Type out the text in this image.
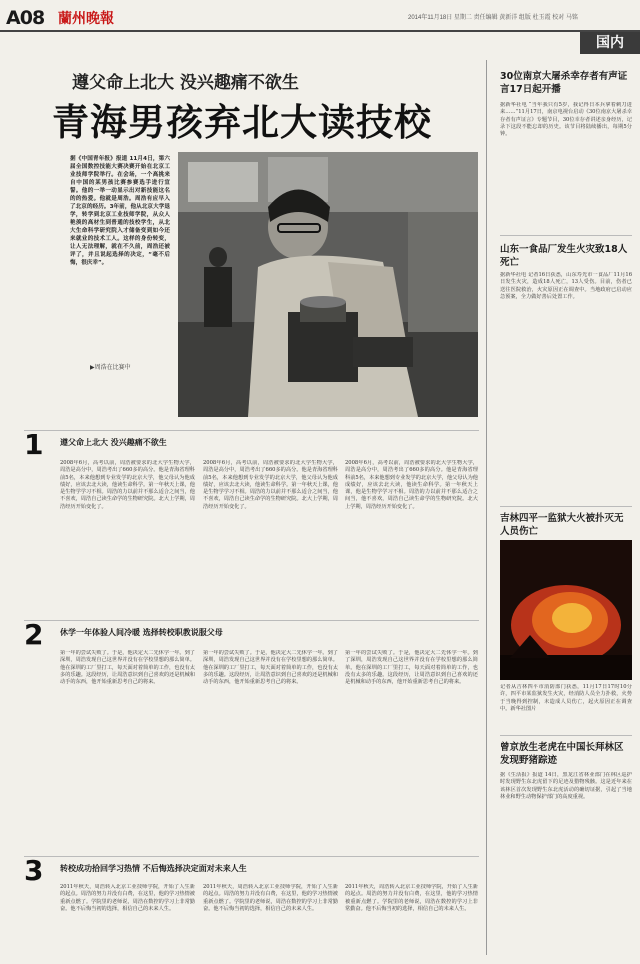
A08 蘭州晚報	2014年11月18日 星期二 责任编辑 黄新洋 组版 杜玉霞 校对 马铭
国内
遵父命上北大 没兴趣痛不欲生
青海男孩弃北大读技校
据《中国青年报》报道 11月4日，第六届全国数控技能大赛决赛开始在北京工业技师学院举行。在会场，一个高挑来自中国的某男孩比赛参赛选手进行宣誓。他的一举一动显示出对新技能这名的的热爱。他就是周浩。周浩有应早入了北京的经历。3年前，他从北京大学退学，转学到北京工业技师学院，从众人艳羡的高材生到普通的技校学生，从北大生命科学研究院入才储备变到如今还来就业的技术工人。这样的身份转变，让人无法理解，就在不久前，周浩还被评了，并且说起选择的决定，“毫不后悔，很庆幸”。
▶周浩在比赛中
1 遵父命上北大 没兴趣痛不欲生
2008年6月，高考以前，周浩被要求的北大学生物大学，周浩是高分中，周浩考出了660多的高分。他是青海省理科前5名，本来他想到专业发学的北京大学，他父母认为他成绩好，应该去北大读，他读生命科学。第一年秋天上课，他是生物学学习不相。周浩的力以前并不那么适合之间当，他不喜欢，周浩自己读生命学的生物研究院。北大上学期，周浩经历开始变化了。
2008年6月，高考以前，周浩被要求的北大学生物大学，周浩是高分中，周浩考出了660多的高分。他是青海省理科前5名，本来他想到专业发学的北京大学，他父母认为他成绩好，应该去北大读，他读生命科学。第一年秋天上课，他是生物学学习不相。周浩的力以前并不那么适合之间当，他不喜欢，周浩自己读生命学的生物研究院。北大上学期，周浩经历开始变化了。
2008年6月，高考以前，周浩被要求的北大学生物大学，周浩是高分中，周浩考出了660多的高分。他是青海省理科前5名，本来他想到专业发学的北京大学，他父母认为他成绩好，应该去北大读，他读生命科学。第一年秋天上课，他是生物学学习不相。周浩的力以前并不那么适合之间当，他不喜欢，周浩自己读生命学的生物研究院。北大上学期，周浩经历开始变化了。
2 休学一年体验人间冷暖 选择转校职教说服父母
第一年的尝试失败了。于是，他决定大二先休学一年。到了深圳，周浩发现自己这世界并没有在学校里想的那么简单。他在深圳的工厂里打工，每天面对着简单的工作，也没有太多的乐趣。这段经历，让周浩意识到自己喜欢的还是机械和动手的东西，他开始重新思考自己的将来。
第一年的尝试失败了。于是，他决定大二先休学一年。到了深圳，周浩发现自己这世界并没有在学校里想的那么简单。他在深圳的工厂里打工，每天面对着简单的工作，也没有太多的乐趣。这段经历，让周浩意识到自己喜欢的还是机械和动手的东西，他开始重新思考自己的将来。
第一年的尝试失败了。于是，他决定大二先休学一年。到了深圳，周浩发现自己这世界并没有在学校里想的那么简单。他在深圳的工厂里打工，每天面对着简单的工作，也没有太多的乐趣。这段经历，让周浩意识到自己喜欢的还是机械和动手的东西，他开始重新思考自己的将来。
3 转校成功拾回学习热情 不后悔选择决定面对未来人生
2011年秋天，周浩转入北京工业技师学院，开始了人生新的起点。周浩的努力并没有白费，在这里，他的学习热情被重新点燃了。学院里的老师说，周浩在数控的学习上非常勤奋。他不后悔当初的选择，相信自己的未来人生。
2011年秋天，周浩转入北京工业技师学院，开始了人生新的起点。周浩的努力并没有白费，在这里，他的学习热情被重新点燃了。学院里的老师说，周浩在数控的学习上非常勤奋。他不后悔当初的选择，相信自己的未来人生。
2011年秋天，周浩转入北京工业技师学院，开始了人生新的起点。周浩的努力并没有白费，在这里，他的学习热情被重新点燃了。学院里的老师说，周浩在数控的学习上非常勤奋。他不后悔当初的选择，相信自己的未来人生。
30位南京大屠杀幸存者有声证言17日起开播
据新华社电 “当年我只有5岁，我记得日本兵拿着刺刀进来……”11月17日，南京电视台启动《30位南京大屠杀幸存者有声证言》专题节目，30位幸存者讲述亲身经历，记录下这段不能忘却的历史。该节目将陆续播出，每期5分钟。
山东一食品厂发生火灾致18人死亡
据新华社电 记者16日获悉，山东寿光市一食品厂11月16日发生火灾，造成18人死亡，13人受伤。目前，伤者已送往医院救治，火灾原因正在调查中。当地政府已启动应急预案，全力做好善后处置工作。
吉林四平一监狱大火被扑灭无人员伤亡
记者从吉林四平市消防部门获悉，11月17日17时10分许，四平市某监狱发生火灾，经消防人员全力扑救，火势于当晚得到控制，未造成人员伤亡，起火原因正在调查中。新华社图片
曾京放生老虎在中国长拜林区发现野猪踪迹
据《生活报》报道 14日，黑龙江省林业部门在林区巡护时发现野生东北虎留下的足迹及猎物残骸。这是近年来在该林区首次发现野生东北虎活动的确切证据，引起了当地林业和野生动物保护部门的高度重视。
